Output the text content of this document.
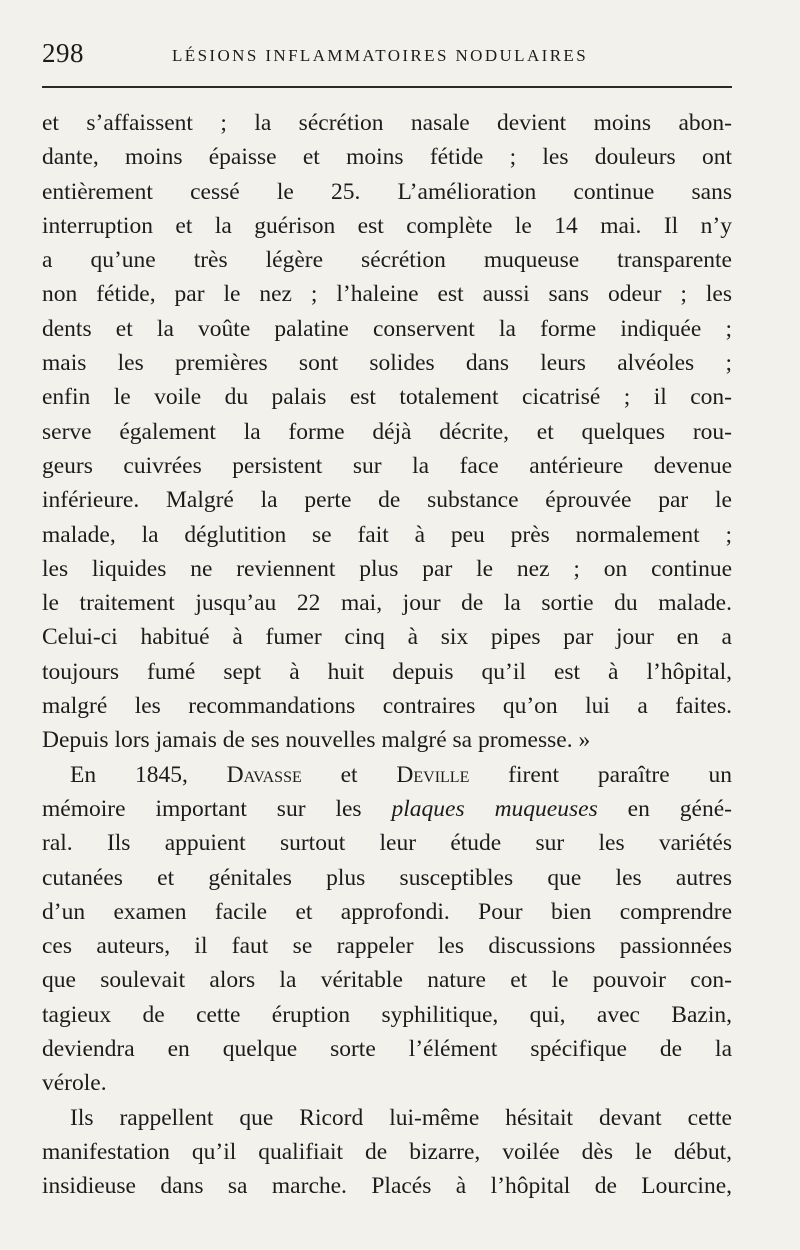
298	LÉSIONS INFLAMMATOIRES NODULAIRES
et s’affaissent ; la sécrétion nasale devient moins abon-
dante, moins épaisse et moins fétide ; les douleurs ont
entièrement cessé le 25. L’amélioration continue sans
interruption et la guérison est complète le 14 mai. Il n’y
a qu’une très légère sécrétion muqueuse transparente
non fétide, par le nez ; l’haleine est aussi sans odeur ; les
dents et la voûte palatine conservent la forme indiquée ;
mais les premières sont solides dans leurs alvéoles ;
enfin le voile du palais est totalement cicatrisé ; il con-
serve également la forme déjà décrite, et quelques rou-
geurs cuivrées persistent sur la face antérieure devenue
inférieure. Malgré la perte de substance éprouvée par le
malade, la déglutition se fait à peu près normalement ;
les liquides ne reviennent plus par le nez ; on continue
le traitement jusqu’au 22 mai, jour de la sortie du malade.
Celui-ci habitué à fumer cinq à six pipes par jour en a
toujours fumé sept à huit depuis qu’il est à l’hôpital,
malgré les recommandations contraires qu’on lui a faites.
Depuis lors jamais de ses nouvelles malgré sa promesse. »
En 1845, Davasse et Deville firent paraître un
mémoire important sur les plaques muqueuses en géné-
ral. Ils appuient surtout leur étude sur les variétés
cutanées et génitales plus susceptibles que les autres
d’un examen facile et approfondi. Pour bien comprendre
ces auteurs, il faut se rappeler les discussions passionnées
que soulevait alors la véritable nature et le pouvoir con-
tagieux de cette éruption syphilitique, qui, avec Bazin,
deviendra en quelque sorte l’élément spécifique de la
vérole.
Ils rappellent que Ricord lui-même hésitait devant cette
manifestation qu’il qualifiait de bizarre, voilée dès le début,
insidieuse dans sa marche. Placés à l’hôpital de Lourcine,
